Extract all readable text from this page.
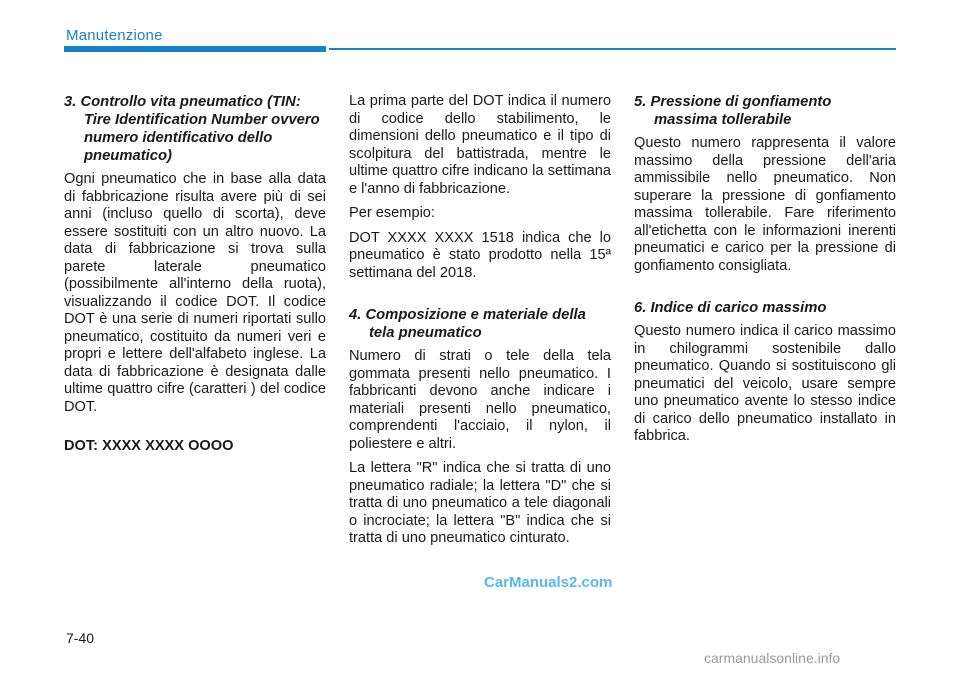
Manutenzione

3. Controllo vita pneumatico (TIN: Tire Identification Number ovvero numero identificativo dello pneumatico)

Ogni pneumatico che in base alla data di fabbricazione risulta avere più di sei anni (incluso quello di scorta), deve essere sostituiti con un altro nuovo. La data di fabbricazione si trova sulla parete laterale pneumatico (possibilmente all'interno della ruota), visualizzando il codice DOT. Il codice DOT è una serie di numeri riportati sullo pneumatico, costituito da numeri veri e propri e lettere dell'alfabeto inglese. La data di fabbricazione è designata dalle ultime quattro cifre (caratteri ) del codice DOT.

DOT: XXXX XXXX OOOO

La prima parte del DOT indica il numero di codice dello stabilimento, le dimensioni dello pneumatico e il tipo di scolpitura del battistrada, mentre le ultime quattro cifre indicano la settimana e l'anno di fabbricazione.

Per esempio:

DOT XXXX XXXX 1518 indica che lo pneumatico è stato prodotto nella 15ª settimana del 2018.

4. Composizione e materiale della tela pneumatico

Numero di strati o tele della tela gommata presenti nello pneumatico. I fabbricanti devono anche indicare i materiali presenti nello pneumatico, comprendenti l'acciaio, il nylon, il poliestere e altri.

La lettera "R" indica che si tratta di uno pneumatico radiale; la lettera "D" che si tratta di uno pneumatico a tele diagonali o incrociate; la lettera "B" indica che si tratta di uno pneumatico cinturato.

5. Pressione di gonfiamento massima tollerabile

Questo numero rappresenta il valore massimo della pressione dell'aria ammissibile nello pneumatico. Non superare la pressione di gonfiamento massima tollerabile. Fare riferimento all'etichetta con le informazioni inerenti pneumatici e carico per la pressione di gonfiamento consigliata.

6. Indice di carico massimo

Questo numero indica il carico massimo in chilogrammi sostenibile dallo pneumatico. Quando si sostituiscono gli pneumatici del veicolo, usare sempre uno pneumatico avente lo stesso indice di carico dello pneumatico installato in fabbrica.

CarManuals2.com
7-40
carmanualsonline.info
